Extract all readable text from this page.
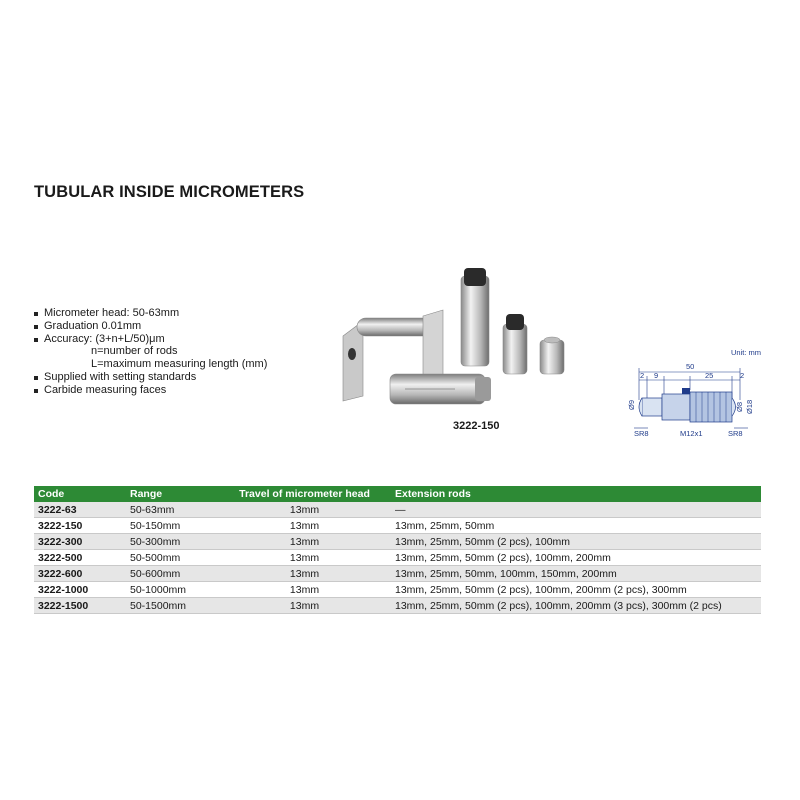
TUBULAR INSIDE MICROMETERS
Micrometer head: 50-63mm
Graduation 0.01mm
Accuracy: (3+n+L/50)μm
n=number of rods
L=maximum measuring length (mm)
Supplied with setting standards
Carbide measuring faces
3222-150
50
2 9	25	2
Ø9	Ø8 Ø18
SR8	M12x1	SR8
Unit: mm
Code	Range	Travel of micrometer head	Extension rods
3222-63	50-63mm	13mm	—
3222-150	50-150mm	13mm	13mm, 25mm, 50mm
3222-300	50-300mm	13mm	13mm, 25mm, 50mm (2 pcs), 100mm
3222-500	50-500mm	13mm	13mm, 25mm, 50mm (2 pcs), 100mm, 200mm
3222-600	50-600mm	13mm	13mm, 25mm, 50mm, 100mm, 150mm, 200mm
3222-1000	50-1000mm	13mm	13mm, 25mm, 50mm (2 pcs), 100mm, 200mm (2 pcs), 300mm
3222-1500	50-1500mm	13mm	13mm, 25mm, 50mm (2 pcs), 100mm, 200mm (3 pcs), 300mm (2 pcs)
